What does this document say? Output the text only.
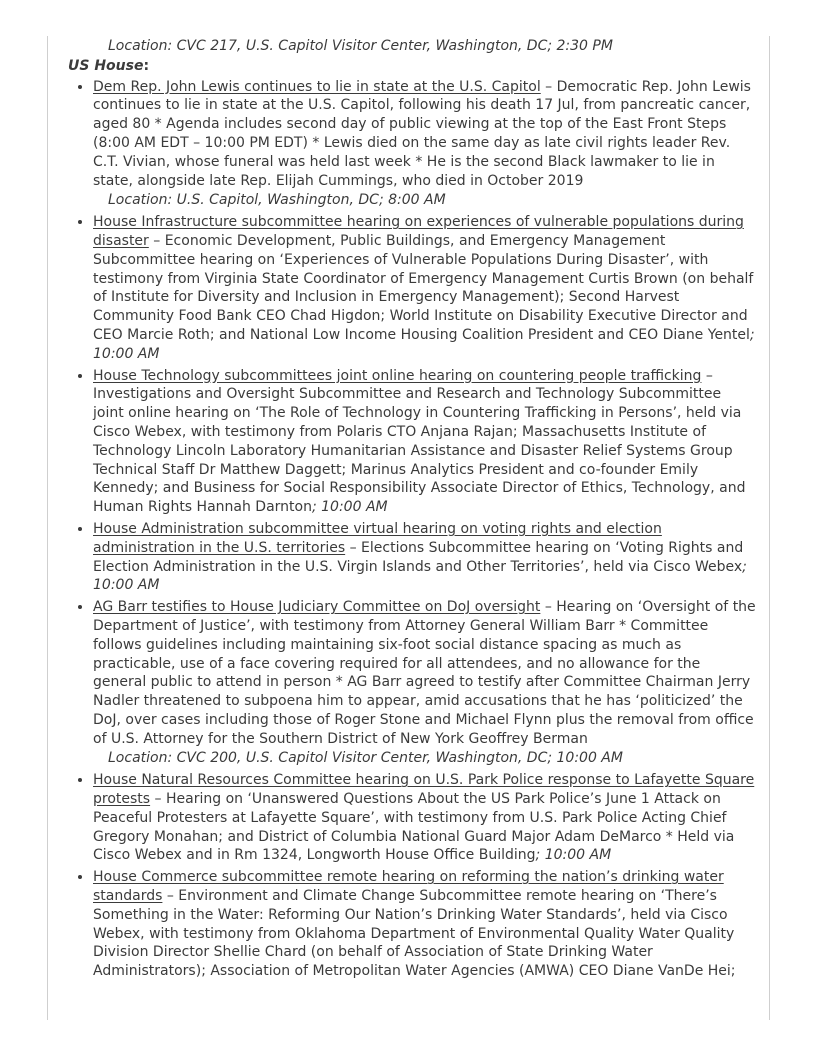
Location: CVC 217, U.S. Capitol Visitor Center, Washington, DC; 2:30 PM
US House:
• Dem Rep. John Lewis continues to lie in state at the U.S. Capitol – Democratic Rep. John Lewis continues to lie in state at the U.S. Capitol, following his death 17 Jul, from pancreatic cancer, aged 80 * Agenda includes second day of public viewing at the top of the East Front Steps (8:00 AM EDT – 10:00 PM EDT) * Lewis died on the same day as late civil rights leader Rev. C.T. Vivian, whose funeral was held last week * He is the second Black lawmaker to lie in state, alongside late Rep. Elijah Cummings, who died in October 2019
Location: U.S. Capitol, Washington, DC; 8:00 AM
• House Infrastructure subcommittee hearing on experiences of vulnerable populations during disaster – Economic Development, Public Buildings, and Emergency Management Subcommittee hearing on ‘Experiences of Vulnerable Populations During Disaster’, with testimony from Virginia State Coordinator of Emergency Management Curtis Brown (on behalf of Institute for Diversity and Inclusion in Emergency Management); Second Harvest Community Food Bank CEO Chad Higdon; World Institute on Disability Executive Director and CEO Marcie Roth; and National Low Income Housing Coalition President and CEO Diane Yentel; 10:00 AM
• House Technology subcommittees joint online hearing on countering people trafficking – Investigations and Oversight Subcommittee and Research and Technology Subcommittee joint online hearing on ‘The Role of Technology in Countering Trafficking in Persons’, held via Cisco Webex, with testimony from Polaris CTO Anjana Rajan; Massachusetts Institute of Technology Lincoln Laboratory Humanitarian Assistance and Disaster Relief Systems Group Technical Staff Dr Matthew Daggett; Marinus Analytics President and co-founder Emily Kennedy; and Business for Social Responsibility Associate Director of Ethics, Technology, and Human Rights Hannah Darnton; 10:00 AM
• House Administration subcommittee virtual hearing on voting rights and election administration in the U.S. territories – Elections Subcommittee hearing on ‘Voting Rights and Election Administration in the U.S. Virgin Islands and Other Territories’, held via Cisco Webex; 10:00 AM
• AG Barr testifies to House Judiciary Committee on DoJ oversight – Hearing on ‘Oversight of the Department of Justice’, with testimony from Attorney General William Barr * Committee follows guidelines including maintaining six-foot social distance spacing as much as practicable, use of a face covering required for all attendees, and no allowance for the general public to attend in person * AG Barr agreed to testify after Committee Chairman Jerry Nadler threatened to subpoena him to appear, amid accusations that he has ‘politicized’ the DoJ, over cases including those of Roger Stone and Michael Flynn plus the removal from office of U.S. Attorney for the Southern District of New York Geoffrey Berman
Location: CVC 200, U.S. Capitol Visitor Center, Washington, DC; 10:00 AM
• House Natural Resources Committee hearing on U.S. Park Police response to Lafayette Square protests – Hearing on ‘Unanswered Questions About the US Park Police’s June 1 Attack on Peaceful Protesters at Lafayette Square’, with testimony from U.S. Park Police Acting Chief Gregory Monahan; and District of Columbia National Guard Major Adam DeMarco * Held via Cisco Webex and in Rm 1324, Longworth House Office Building; 10:00 AM
• House Commerce subcommittee remote hearing on reforming the nation’s drinking water standards – Environment and Climate Change Subcommittee remote hearing on ‘There’s Something in the Water: Reforming Our Nation’s Drinking Water Standards’, held via Cisco Webex, with testimony from Oklahoma Department of Environmental Quality Water Quality Division Director Shellie Chard (on behalf of Association of State Drinking Water Administrators); Association of Metropolitan Water Agencies (AMWA) CEO Diane VanDe Hei;
